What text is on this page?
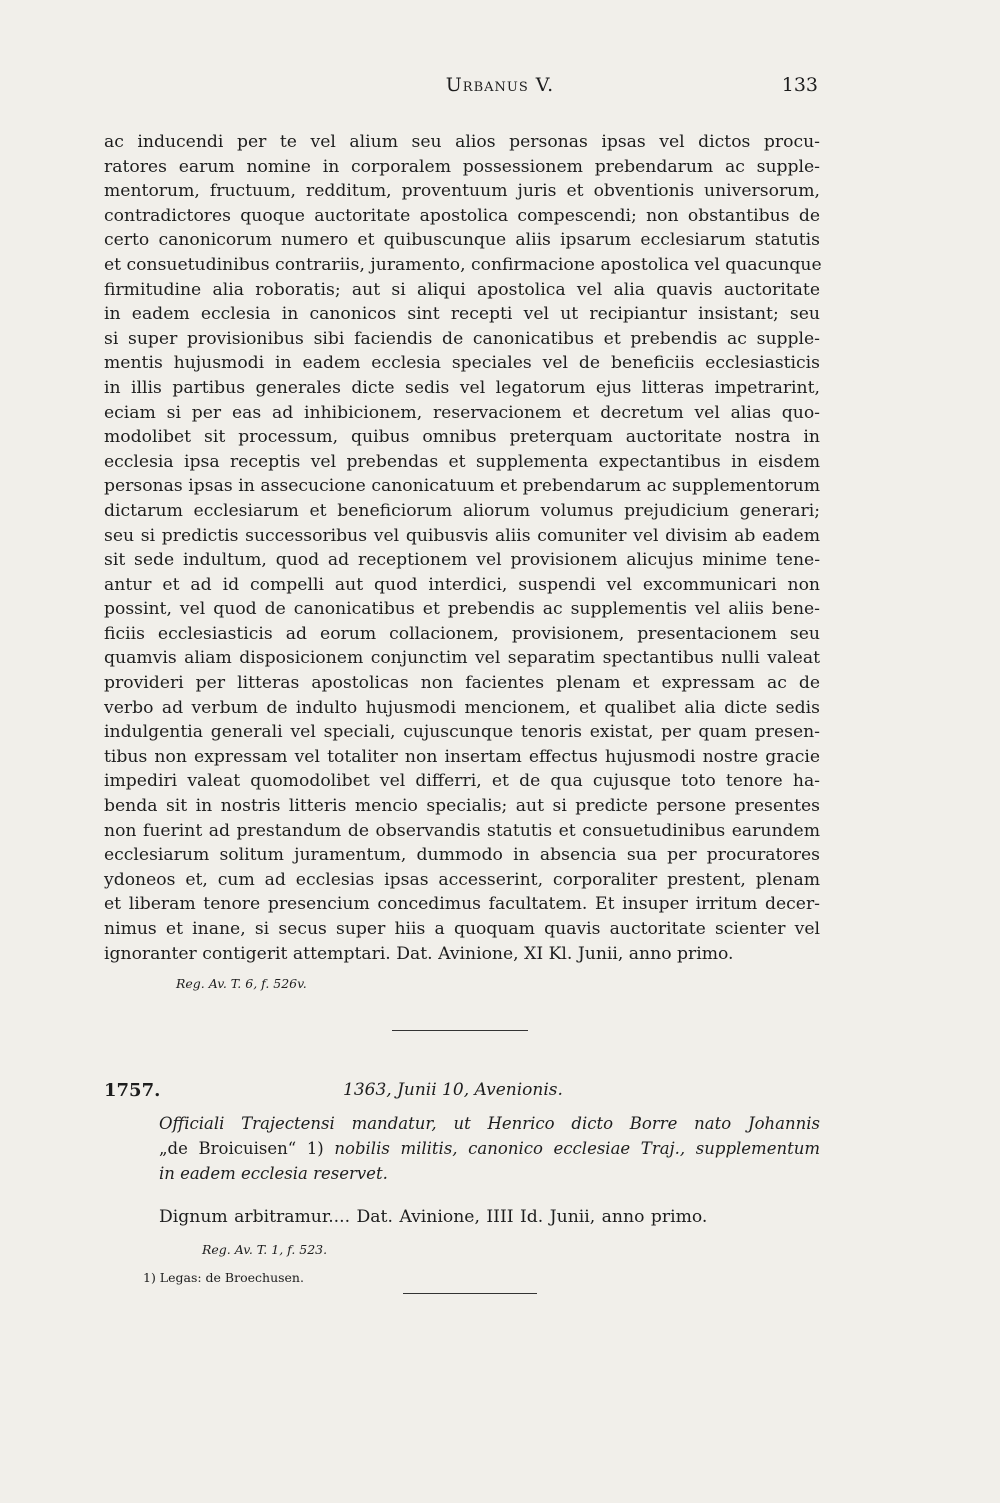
Urbanus V.	133
ac inducendi per te vel alium seu alios personas ipsas vel dictos procu-
ratores earum nomine in corporalem possessionem prebendarum ac supple-
mentorum, fructuum, redditum, proventuum juris et obventionis universorum,
contradictores quoque auctoritate apostolica compescendi; non obstantibus de
certo canonicorum numero et quibuscunque aliis ipsarum ecclesiarum statutis
et consuetudinibus contrariis, juramento, confirmacione apostolica vel quacunque
firmitudine alia roboratis; aut si aliqui apostolica vel alia quavis auctoritate
in eadem ecclesia in canonicos sint recepti vel ut recipiantur insistant; seu
si super provisionibus sibi faciendis de canonicatibus et prebendis ac supple-
mentis hujusmodi in eadem ecclesia speciales vel de beneficiis ecclesiasticis
in illis partibus generales dicte sedis vel legatorum ejus litteras impetrarint,
eciam si per eas ad inhibicionem, reservacionem et decretum vel alias quo-
modolibet sit processum, quibus omnibus preterquam auctoritate nostra in
ecclesia ipsa receptis vel prebendas et supplementa expectantibus in eisdem
personas ipsas in assecucione canonicatuum et prebendarum ac supplementorum
dictarum ecclesiarum et beneficiorum aliorum volumus prejudicium generari;
seu si predictis successoribus vel quibusvis aliis comuniter vel divisim ab eadem
sit sede indultum, quod ad receptionem vel provisionem alicujus minime tene-
antur et ad id compelli aut quod interdici, suspendi vel excommunicari non
possint, vel quod de canonicatibus et prebendis ac supplementis vel aliis bene-
ficiis ecclesiasticis ad eorum collacionem, provisionem, presentacionem seu
quamvis aliam disposicionem conjunctim vel separatim spectantibus nulli valeat
provideri per litteras apostolicas non facientes plenam et expressam ac de
verbo ad verbum de indulto hujusmodi mencionem, et qualibet alia dicte sedis
indulgentia generali vel speciali, cujuscunque tenoris existat, per quam presen-
tibus non expressam vel totaliter non insertam effectus hujusmodi nostre gracie
impediri valeat quomodolibet vel differri, et de qua cujusque toto tenore ha-
benda sit in nostris litteris mencio specialis; aut si predicte persone presentes
non fuerint ad prestandum de observandis statutis et consuetudinibus earundem
ecclesiarum solitum juramentum, dummodo in absencia sua per procuratores
ydoneos et, cum ad ecclesias ipsas accesserint, corporaliter prestent, plenam
et liberam tenore presencium concedimus facultatem. Et insuper irritum decer-
nimus et inane, si secus super hiis a quoquam quavis auctoritate scienter vel
ignoranter contigerit attemptari. Dat. Avinione, XI Kl. Junii, anno primo.
Reg. Av. T. 6, f. 526v.
1757.	1363, Junii 10, Avenionis.
Officiali Trajectensi mandatur, ut Henrico dicto Borre nato Johannis
„de Broicuisen“ 1) nobilis militis, canonico ecclesiae Traj., supplementum
in eadem ecclesia reservet.
Dignum arbitramur.... Dat. Avinione, IIII Id. Junii, anno primo.
Reg. Av. T. 1, f. 523.
1) Legas: de Broechusen.
